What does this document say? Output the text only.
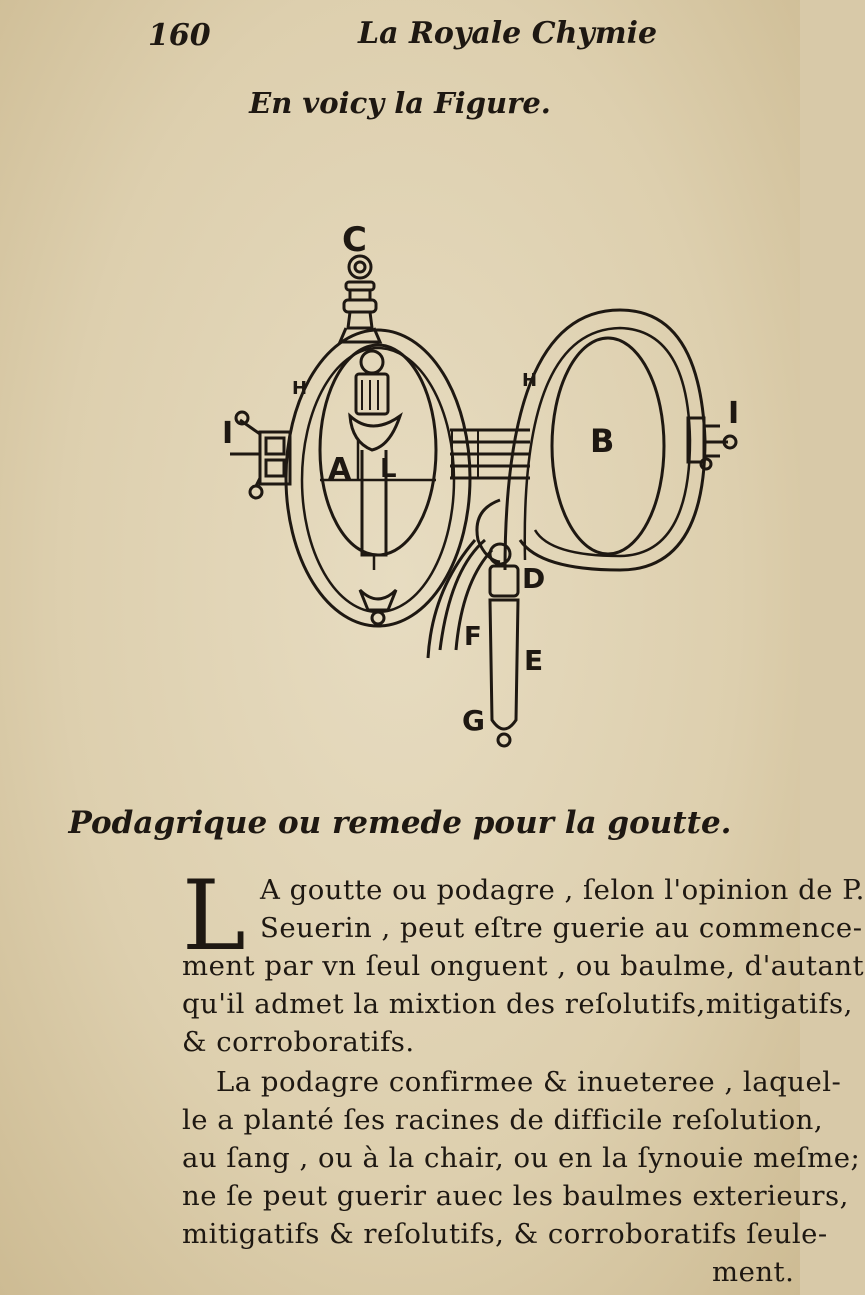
160	La Royale Chymie
En voicy la Figure.
C
A L
H	H
I
I
B
D
E
F
G
Podagrique ou remede pour la goutte.
L A goutte ou podagre , ſelon l'opinion de P.
Seuerin , peut eſtre guerie au commence-
ment par vn ſeul onguent , ou baulme, d'autant
qu'il admet la mixtion des reſolutifs,mitigatifs,
& corroboratifs.
La podagre confirmee & inueteree , laquel-
le a planté ſes racines de difficile reſolution,
au ſang , ou à la chair, ou en la ſynouie meſme;
ne ſe peut guerir auec les baulmes exterieurs,
mitigatifs & reſolutifs, & corroboratifs ſeule-
ment.
